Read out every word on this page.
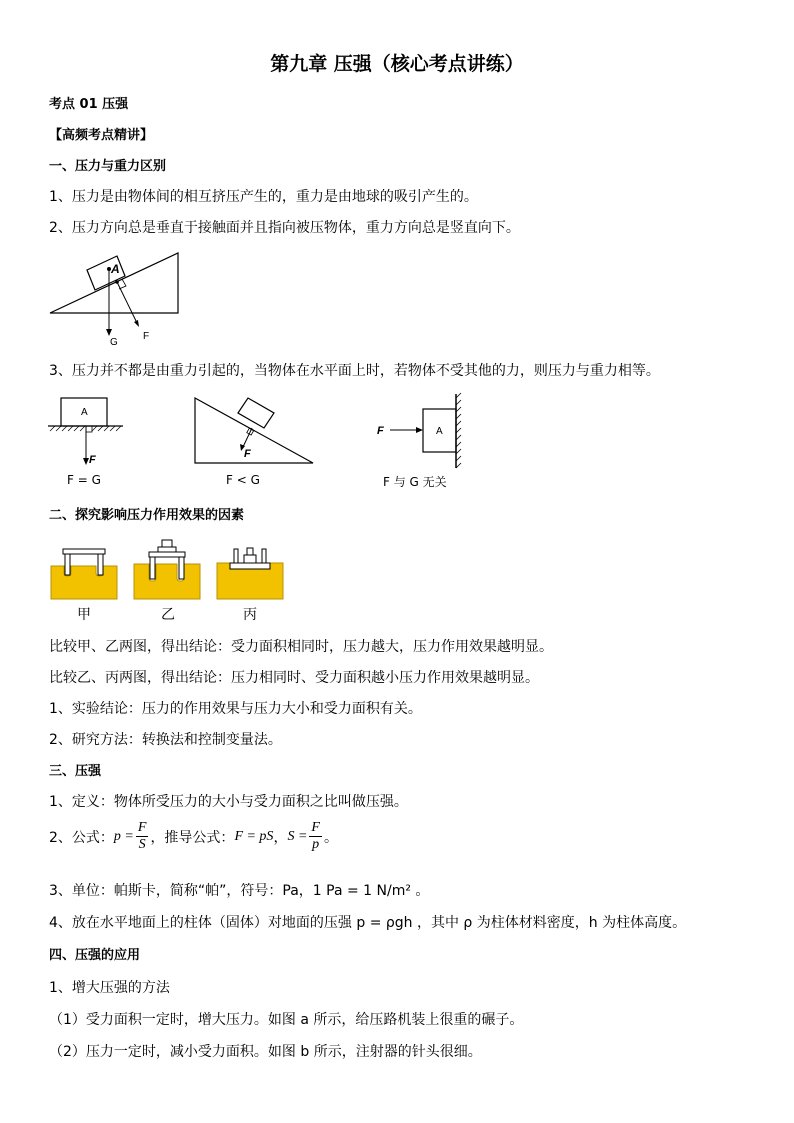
第九章 压强（核心考点讲练）
考点 01 压强
【高频考点精讲】
一、压力与重力区别
1、压力是由物体间的相互挤压产生的，重力是由地球的吸引产生的。
2、压力方向总是垂直于接触面并且指向被压物体，重力方向总是竖直向下。
A
G
F
3、压力并不都是由重力引起的，当物体在水平面上时，若物体不受其他的力，则压力与重力相等。
A
F
F = G
F
F < G
F	A
F 与 G 无关
二、探究影响压力作用效果的因素
甲	乙	丙
比较甲、乙两图，得出结论：受力面积相同时，压力越大，压力作用效果越明显。
比较乙、丙两图，得出结论：压力相同时、受力面积越小压力作用效果越明显。
1、实验结论：压力的作用效果与压力大小和受力面积有关。
2、研究方法：转换法和控制变量法。
三、压强
1、定义：物体所受压力的大小与受力面积之比叫做压强。
2、公式： $p = \frac{F}{S}$ ，推导公式： F = pS ， $S = \frac{F}{p}$ 。
3、单位：帕斯卡，简称“帕”，符号：Pa，1 Pa = 1 N/m² 。
4、放在水平地面上的柱体（固体）对地面的压强 p = ρgh ，其中 ρ 为柱体材料密度，h 为柱体高度。
四、压强的应用
1、增大压强的方法
（1）受力面积一定时，增大压力。如图 a 所示，给压路机装上很重的碾子。
（2）压力一定时，减小受力面积。如图 b 所示，注射器的针头很细。
